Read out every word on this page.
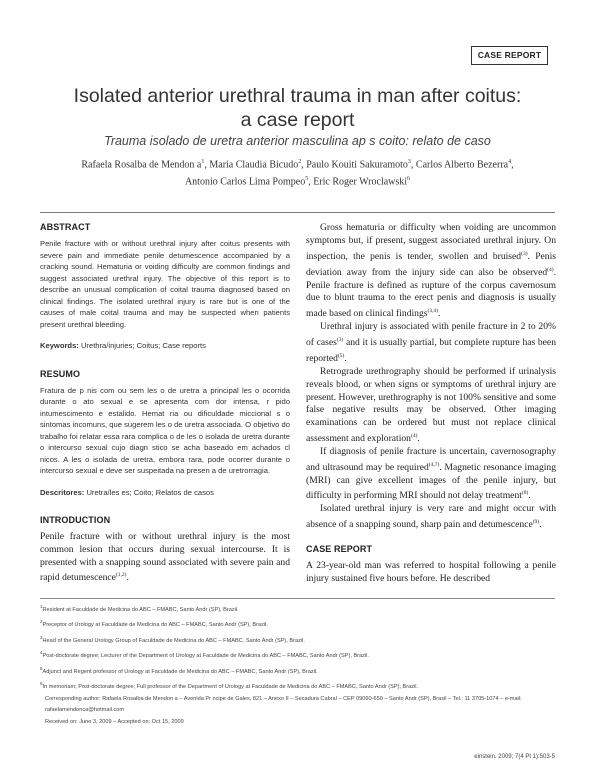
CASE REPORT
Isolated anterior urethral trauma in man after coitus:
a case report
Trauma isolado de uretra anterior masculina ap s coito: relato de caso
Rafaela Rosalba de Mendon $a^1$, Maria Claudia Bicudo$^2$, Paulo Kouiti Sakuramoto$^3$, Carlos Alberto Bezerra$^4$,
Antonio Carlos Lima Pompeo$^5$, Eric Roger Wroclawski$^6$
ABSTRACT

Penile fracture with or without urethral injury after coitus presents with severe pain and immediate penile detumescence accompanied by a cracking sound. Hematuria or voiding difficulty are common findings and suggest associated urethral injury. The objective of this report is to describe an unusual complication of coital trauma diagnosed based on clinical findings. The isolated urethral injury is rare but is one of the causes of male coital trauma and may be suspected when patients present urethral bleeding.

Keywords: Urethra/injuries; Coitus; Case reports

RESUMO

Fratura de p nis com ou sem les o de uretra a principal les o ocorrida durante o ato sexual e se apresenta com dor intensa, r pido intumescimento e estalido. Hemat ria ou dificuldade miccional s o sintomas incomuns, que sugerem les o de uretra associada. O objetivo do trabalho foi relatar essa rara complica o de les o isolada de uretra durante o intercurso sexual cujo diagn stico se acha baseado em achados cl nicos. A les o isolada de uretra, embora rara, pode ocorrer durante o intercurso sexual e deve ser suspeitada na presen a de uretrorragia.

Descritores: Uretra/les es; Coito; Relatos de casos

INTRODUCTION

Penile fracture with or without urethral injury is the most common lesion that occurs during sexual intercourse. It is presented with a snapping sound associated with severe pain and rapid detumescence$^{(1,2)}$.

Gross hematuria or difficulty when voiding are uncommon symptoms but, if present, suggest associated urethral injury. On inspection, the penis is tender, swollen and bruised$^{(3)}$. Penis deviation away from the injury side can also be observed$^{(4)}$. Penile fracture is defined as rupture of the corpus cavernosum due to blunt trauma to the erect penis and diagnosis is usually made based on clinical findings$^{(3,4)}$.

Urethral injury is associated with penile fracture in 2 to 20% of cases$^{(3)}$ and it is usually partial, but complete rupture has been reported$^{(5)}$.

Retrograde urethrography should be performed if urinalysis reveals blood, or when signs or symptoms of urethral injury are present. However, urethrography is not 100% sensitive and some false negative results may be observed. Other imaging examinations can be ordered but must not replace clinical assessment and exploration$^{(4)}$.

If diagnosis of penile fracture is uncertain, cavernosography and ultrasound may be required$^{(4,7)}$. Magnetic resonance imaging (MRI) can give excellent images of the penile injury, but difficulty in performing MRI should not delay treatment$^{(8)}$.

Isolated urethral injury is very rare and might occur with absence of a snapping sound, sharp pain and detumescence$^{(9)}$.

CASE REPORT

A 23-year-old man was referred to hospital following a penile injury sustained five hours before. He described

$^1$Resident at Faculdade de Medicina do ABC – FMABC, Santo Andr (SP), Brazil.
$^2$Preceptor of Urology at Faculdade de Medicina do ABC – FMABC, Santo Andr (SP), Brazil.
$^3$Head of the General Urology Group of Faculdade de Medicina do ABC – FMABC, Santo Andr (SP), Brazil.
$^4$Post-doctorate degree; Lecturer of the Department of Urology at Faculdade de Medicina do ABC – FMABC, Santo Andr (SP), Brazil.
$^5$Adjunct and Regent professor of Urology at Faculdade de Medicina do ABC – FMABC, Santo Andr (SP), Brazil.
$^6$In memoriam; Post-doctorate degree; Full professor of the Department of Urology at Faculdade de Medicina do ABC – FMABC, Santo Andr (SP), Brazil.
Corresponding author: Rafaela Rosalba de Mendon a – Avenida Pr ncipe de Gales, 821 – Anexo II – Secadura Cabral – CEP 09060-650 – Santo Andr (SP), Brasil – Tel.: 11 3705-1074 – e-mail:
rafaelamendonca@hotmail.com
Received on: June 3, 2009 – Accepted on: Oct 15, 2009
einstein. 2009; 7(4 Pt 1):503-5
